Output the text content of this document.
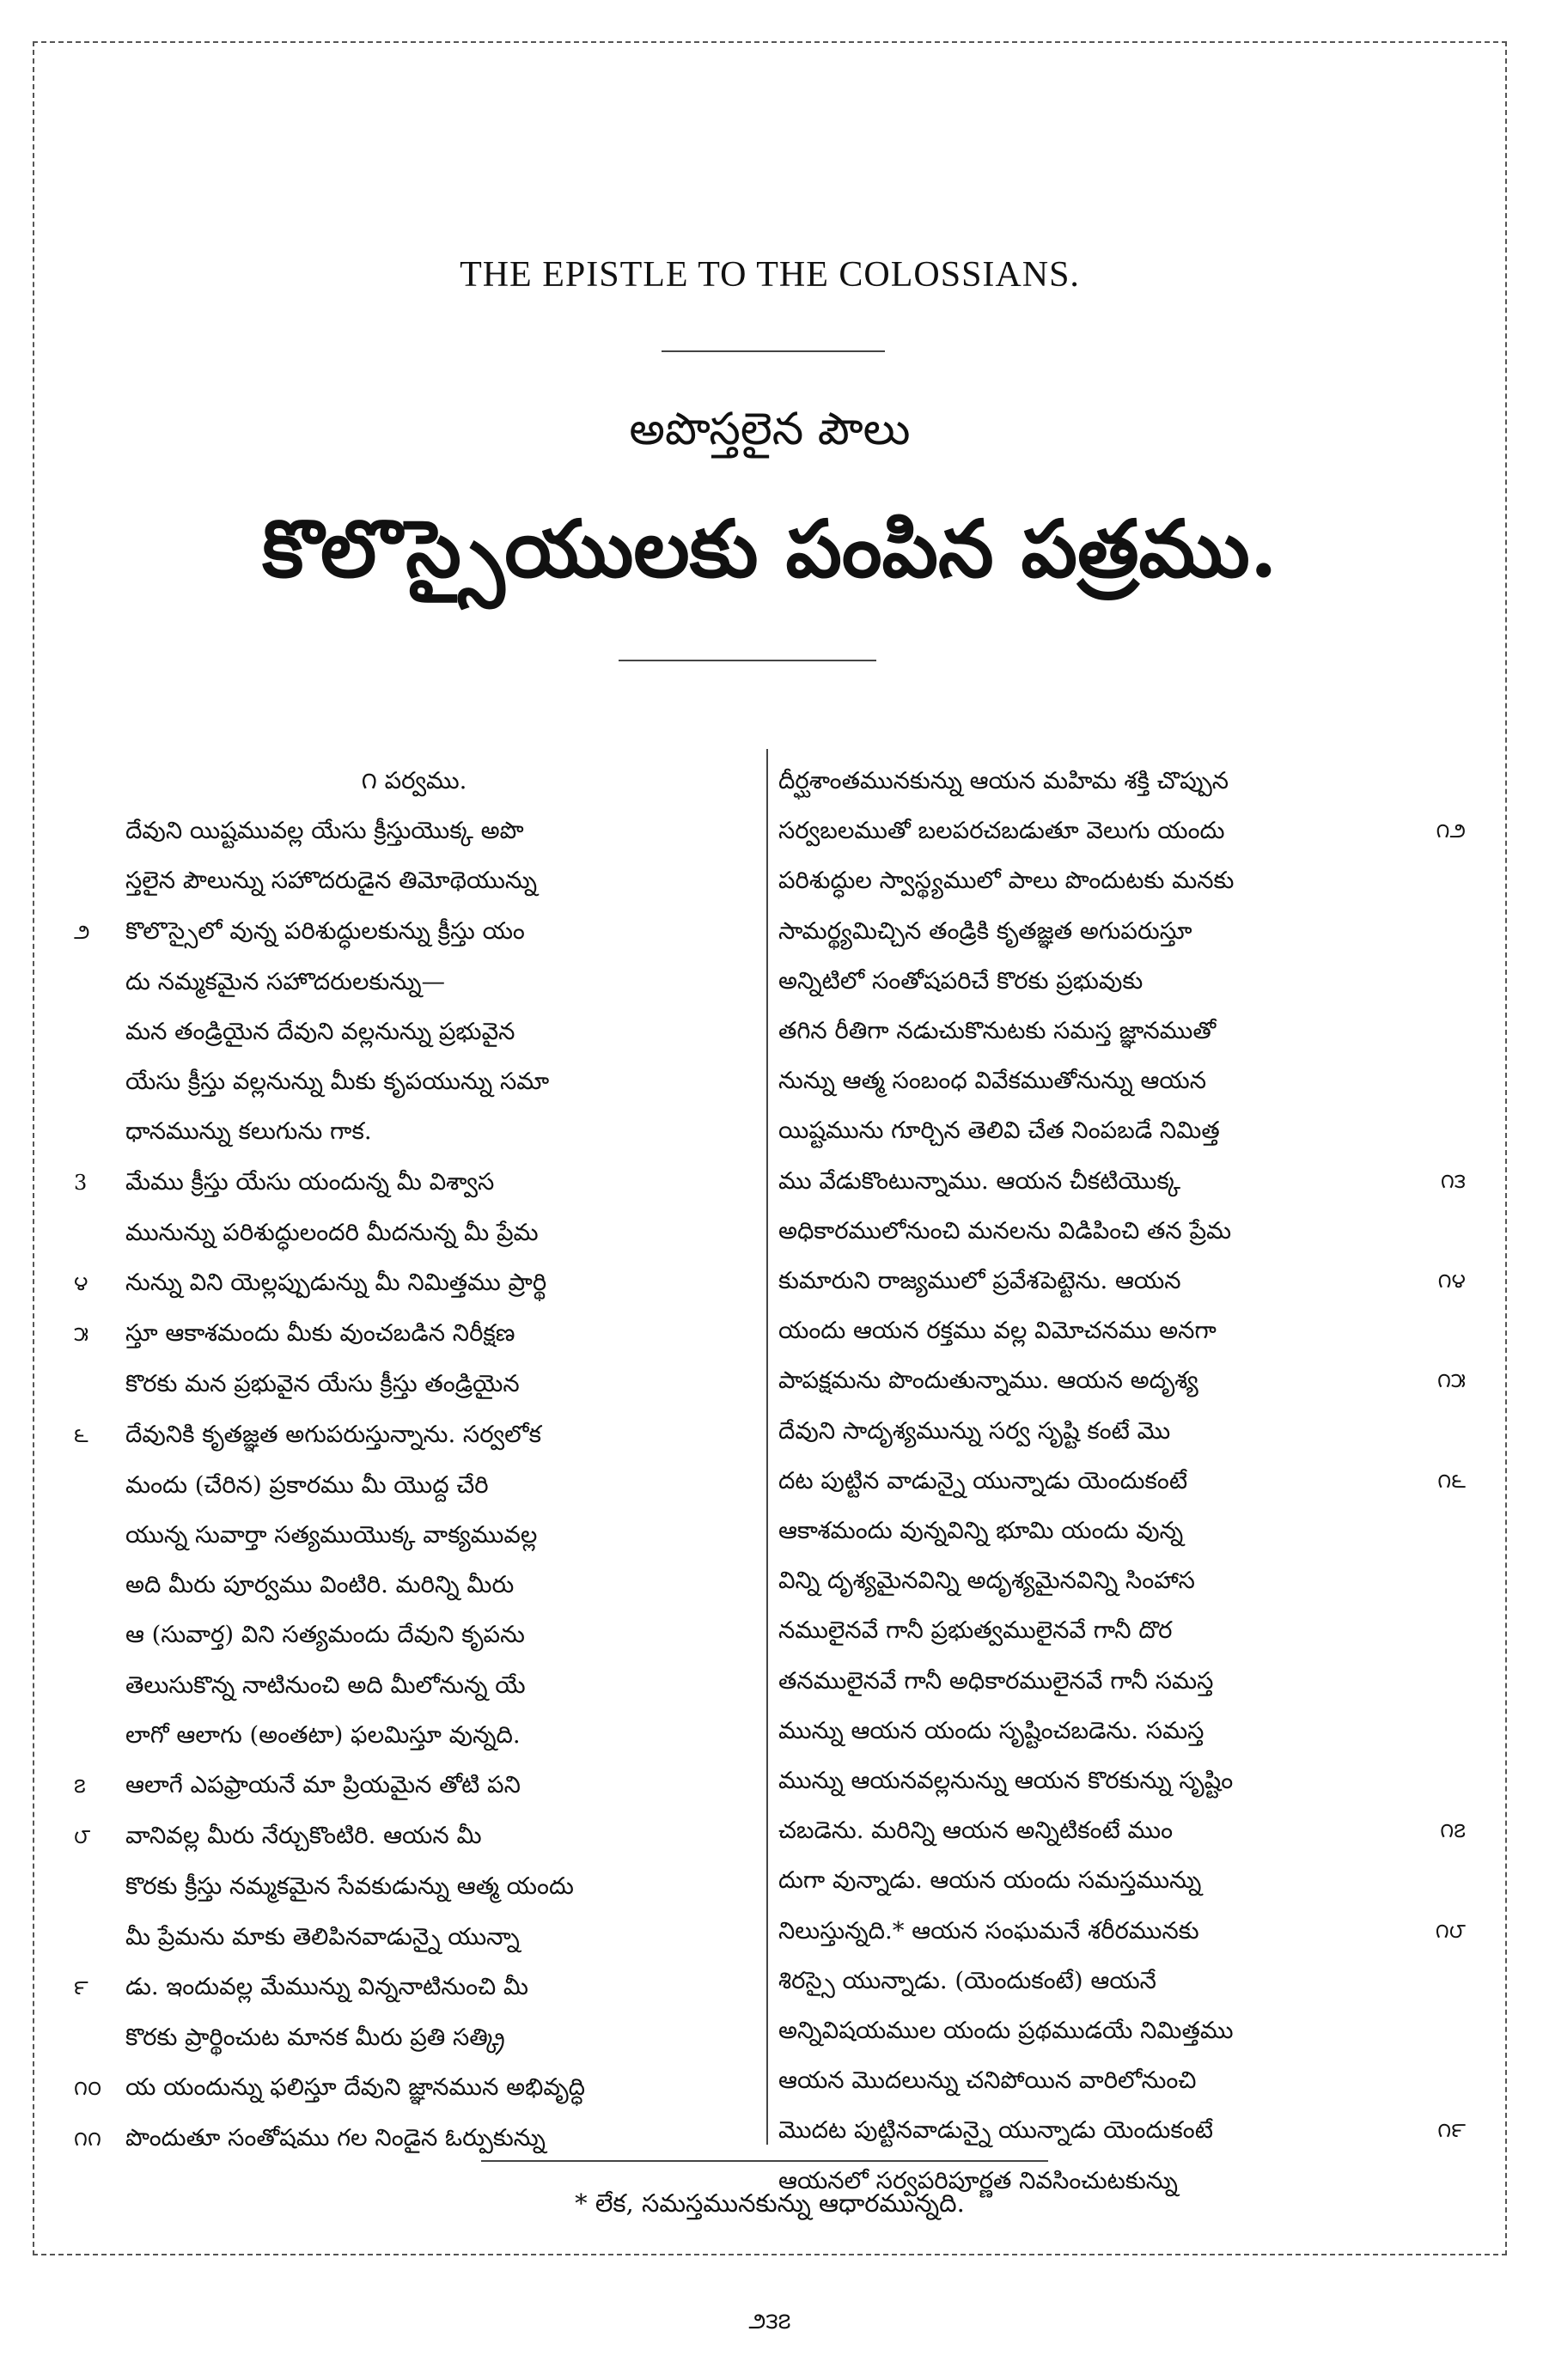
THE EPISTLE TO THE COLOSSIANS.
అపొస్తలైన పౌలు
కొలొస్సైయులకు పంపిన పత్రము.
౧ పర్వము.
దేవుని యిష్టమువల్ల యేసు క్రీస్తుయొక్క అపొ
స్తలైన పౌలున్ను సహొదరుడైన తిమోథెయున్ను
౨ కొలొస్సైలో వున్న పరిశుద్ధులకున్ను క్రీస్తు యం
దు నమ్మకమైన సహొదరులకున్ను—
మన తండ్రియైన దేవుని వల్లనున్ను ప్రభువైన
యేసు క్రీస్తు వల్లనున్ను మీకు కృపయున్ను సమా
ధానమున్ను కలుగును గాక.
3 మేము క్రీస్తు యేసు యందున్న మీ విశ్వాస
మునున్ను పరిశుద్ధులందరి మీదనున్న మీ ప్రేమ
౪ నున్ను విని యెల్లప్పుడున్ను మీ నిమిత్తము ప్రార్థి
౫ స్తూ ఆకాశమందు మీకు వుంచబడిన నిరీక్షణ
కొరకు మన ప్రభువైన యేసు క్రీస్తు తండ్రియైన
౬ దేవునికి కృతజ్ఞత అగుపరుస్తున్నాను. సర్వలోక
మందు (చేరిన) ప్రకారము మీ యొద్ద చేరి
యున్న సువార్తా సత్యముయొక్క వాక్యమువల్ల
అది మీరు పూర్వము వింటిరి. మరిన్ని మీరు
ఆ (సువార్త) విని సత్యమందు దేవుని కృపను
తెలుసుకొన్న నాటినుంచి అది మీలోనున్న యే
లాగో ఆలాగు (అంతటా) ఫలమిస్తూ వున్నది.
౭ ఆలాగే ఎపఫ్రాయనే మా ప్రియమైన తోటి పని
౮ వానివల్ల మీరు నేర్చుకొంటిరి. ఆయన మీ
కొరకు క్రీస్తు నమ్మకమైన సేవకుడున్ను ఆత్మ యందు
మీ ప్రేమను మాకు తెలిపినవాడున్నై యున్నా
౯ డు. ఇందువల్ల మేమున్ను విన్ననాటినుంచి మీ
కొరకు ప్రార్థించుట మానక మీరు ప్రతి సత్క్రి
౧౦ య యందున్ను ఫలిస్తూ దేవుని జ్ఞానమున అభివృద్ధి
౧౧ పొందుతూ సంతోషము గల నిండైన ఓర్పుకున్ను
దీర్ఘశాంతమునకున్ను ఆయన మహిమ శక్తి చొప్పున
౧౨
సర్వబలముతో బలపరచబడుతూ వెలుగు యందు
పరిశుద్ధుల స్వాస్థ్యములో పాలు పొందుటకు మనకు
సామర్థ్యమిచ్చిన తండ్రికి కృతజ్ఞత అగుపరుస్తూ
అన్నిటిలో సంతోషపరిచే కొరకు ప్రభువుకు
తగిన రీతిగా నడుచుకొనుటకు సమస్త జ్ఞానముతో
నున్ను ఆత్మ సంబంధ వివేకముతోనున్ను ఆయన
యిష్టమును గూర్చిన తెలివి చేత నింపబడే నిమిత్త
౧౩
ము వేడుకొంటున్నాము. ఆయన చీకటియొక్క
అధికారములోనుంచి మనలను విడిపించి తన ప్రేమ
౧౪
కుమారుని రాజ్యములో ప్రవేశపెట్టెను. ఆయన
యందు ఆయన రక్తము వల్ల విమోచనము అనగా
౧౫
పాపక్షమను పొందుతున్నాము. ఆయన అదృశ్య
దేవుని సాదృశ్యమున్ను సర్వ సృష్టి కంటే మొ
౧౬
దట పుట్టిన వాడున్నై యున్నాడు యెందుకంటే
ఆకాశమందు వున్నవిన్ని భూమి యందు వున్న
విన్ని దృశ్యమైనవిన్ని అదృశ్యమైనవిన్ని సింహాస
నములైనవే గానీ ప్రభుత్వములైనవే గానీ దొర
తనములైనవే గానీ అధికారములైనవే గానీ సమస్త
మున్ను ఆయన యందు సృష్టించబడెను. సమస్త
మున్ను ఆయనవల్లనున్ను ఆయన కొరకున్ను సృష్టిం
౧౭
చబడెను. మరిన్ని ఆయన అన్నిటికంటే ముం
దుగా వున్నాడు. ఆయన యందు సమస్తమున్ను
౧౮
నిలుస్తున్నది.* ఆయన సంఘమనే శరీరమునకు
శిరస్సై యున్నాడు. (యెందుకంటే) ఆయనే
అన్నివిషయముల యందు ప్రథముడయే నిమిత్తము
ఆయన మొదలున్ను చనిపోయిన వారిలోనుంచి
౧౯
మొదట పుట్టినవాడున్నై యున్నాడు యెందుకంటే
ఆయనలో సర్వపరిపూర్ణత నివసించుటకున్ను
* లేక, సమస్తమునకున్ను ఆధారమున్నది.
౨౩౭
